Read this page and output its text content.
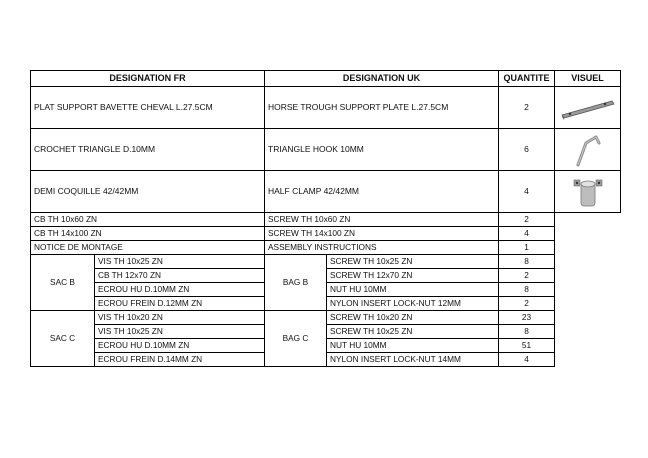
DESIGNATION FR		DESIGNATION UK		QUANTITE	VISUEL
PLAT SUPPORT BAVETTE CHEVAL L.27.5CM		HORSE TROUGH SUPPORT PLATE L.27.5CM		2	

CROCHET TRIANGLE D.10MM		TRIANGLE HOOK 10MM		6	

DEMI COQUILLE 42/42MM		HALF CLAMP 42/42MM		4	

CB TH 10x60 ZN		SCREW TH 10x60 ZN		2	
CB TH 14x100 ZN		SCREW TH 14x100 ZN		4	
NOTICE DE MONTAGE		ASSEMBLY INSTRUCTIONS		1	
SAC B	VIS TH 10x25 ZN	BAG B	SCREW TH 10x25 ZN	8	
	CB TH 12x70 ZN		SCREW TH 12x70 ZN	2	
	ECROU HU D.10MM ZN		NUT HU 10MM	8	
	ECROU FREIN D.12MM ZN		NYLON INSERT LOCK-NUT 12MM	2	
SAC C	VIS TH 10x20 ZN	BAG C	SCREW TH 10x20 ZN	23	
	VIS TH 10x25 ZN		SCREW TH 10x25 ZN	8	
	ECROU HU D.10MM ZN		NUT HU 10MM	51	
	ECROU FREIN D.14MM ZN		NYLON INSERT LOCK-NUT 14MM	4	
